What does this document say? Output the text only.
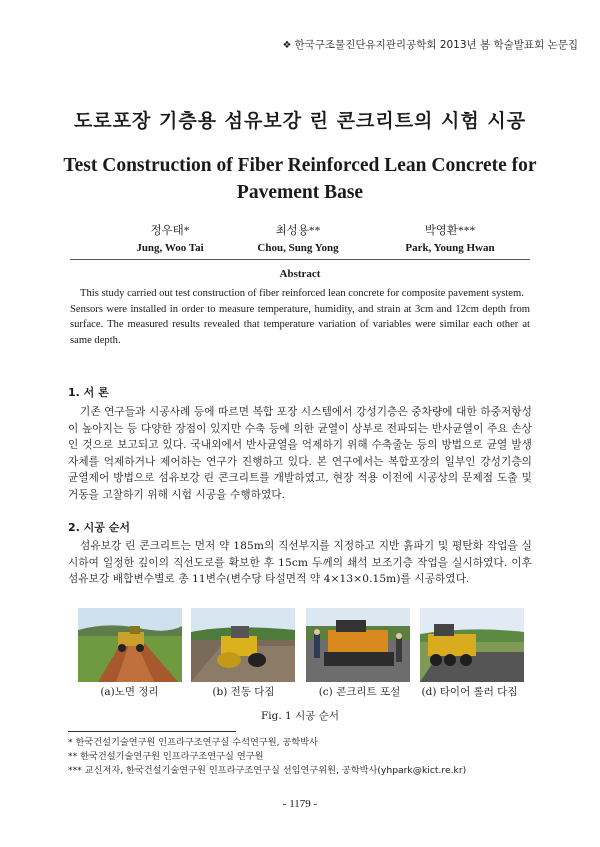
❖ 한국구조물진단유지관리공학회 2013년 봄 학술발표회 논문집
도로포장 기층용 섬유보강 린 콘크리트의 시험 시공
Test Construction of Fiber Reinforced Lean Concrete for
Pavement Base
정우태*
Jung, Woo Tai
최성용**
Chou, Sung Yong
박영환***
Park, Young Hwan
Abstract
This study carried out test construction of fiber reinforced lean concrete for composite pavement system.
Sensors were installed in order to measure temperature, humidity, and strain at 3cm and 12cm depth from surface. The measured results revealed that temperature variation of variables were similar each other at same depth.
1. 서 론
기존 연구들과 시공사례 등에 따르면 복합 포장 시스템에서 강성기층은 중차량에 대한 하중저항성이 높아지는 등 다양한 장점이 있지만 수축 등에 의한 균열이 상부로 전파되는 반사균열이 주요 손상인 것으로 보고되고 있다. 국내외에서 반사균열을 억제하기 위해 수축줄눈 등의 방법으로 균열 발생 자체를 억제하거나 제어하는 연구가 진행하고 있다. 본 연구에서는 복합포장의 일부인 강성기층의 균열제어 방법으로 섬유보강 린 콘크리트를 개발하였고, 현장 적용 이전에 시공상의 문제점 도출 및 거동을 고찰하기 위해 시험 시공을 수행하였다.
2. 시공 순서
섬유보강 린 콘크리트는 먼저 약 185m의 직선부지를 지정하고 지반 흙파기 및 평탄화 작업을 실시하여 일정한 깊이의 직선도로를 확보한 후 15cm 두께의 쇄석 보조기층 작업을 실시하였다. 이후 섬유보강 배합변수별로 총 11변수(변수당 타설면적 약 4×13×0.15m)를 시공하였다.
(a)노면 정리	(b) 전동 다짐	(c) 콘크리트 포설	(d) 타이어 롤러 다짐
Fig. 1 시공 순서
* 한국건설기술연구원 인프라구조연구실 수석연구원, 공학박사
** 한국건설기술연구원 인프라구조연구실 연구원
*** 교신저자, 한국건설기술연구원 인프라구조연구실 선임연구위원, 공학박사(yhpark@kict.re.kr)
- 1179 -
